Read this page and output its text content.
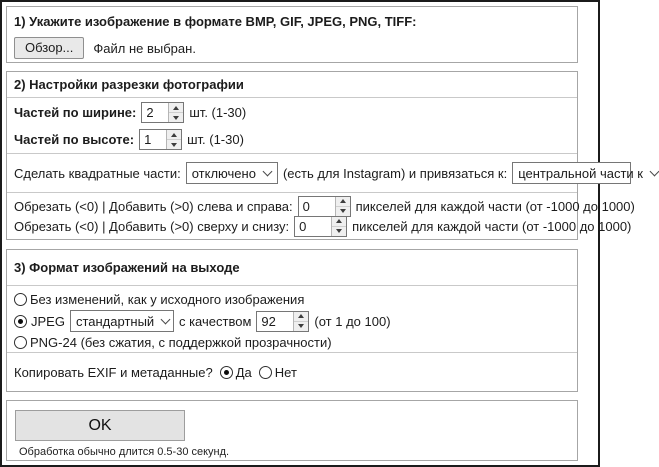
1) Укажите изображение в формате BMP, GIF, JPEG, PNG, TIFF:
Обзор...	Файл не выбран.
2) Настройки разрезки фотографии
Частей по ширине:
2	шт. (1-30)
Частей по высоте:
1	шт. (1-30)
Сделать квадратные части: отключено (есть для Instagram) и привязаться к: центральной части к
Обрезать (<0) | Добавить (>0) слева и справа:
0	пикселей для каждой части (от -1000 до 1000)
Обрезать (<0) | Добавить (>0) сверху и снизу:
0	пикселей для каждой части (от -1000 до 1000)
3) Формат изображений на выходе
Без изменений, как у исходного изображения
JPEG стандартный с качеством
92	(от 1 до 100)
PNG-24 (без сжатия, с поддержкой прозрачности)
Копировать EXIF и метаданные? Да Нет
OK
Обработка обычно длится 0.5-30 секунд.
